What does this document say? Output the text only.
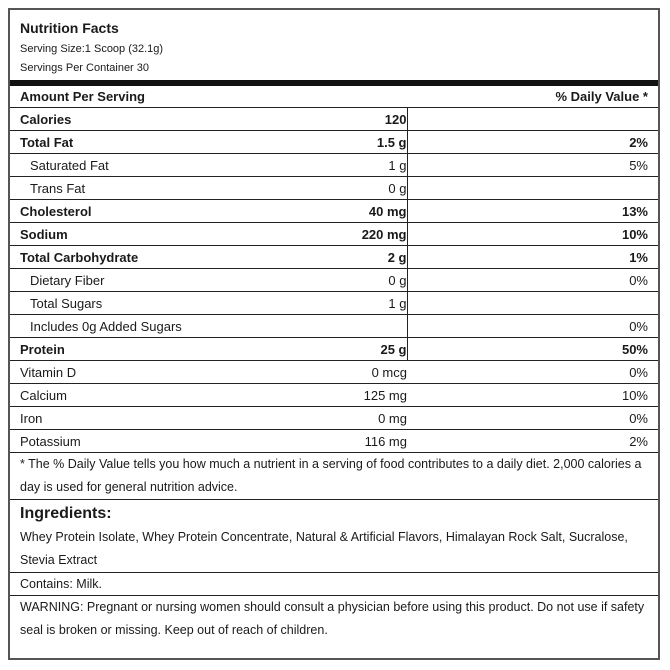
Nutrition Facts
Serving Size:1 Scoop (32.1g)
Servings Per Container 30
Amount Per Serving		% Daily Value *
Calories	120	
Total Fat	1.5 g	2%
Saturated Fat	1 g	5%
Trans Fat	0 g	
Cholesterol	40 mg	13%
Sodium	220 mg	10%
Total Carbohydrate	2 g	1%
Dietary Fiber	0 g	0%
Total Sugars	1 g	
Includes 0g Added Sugars		0%
Protein	25 g	50%
Vitamin D	0 mcg	0%
Calcium	125 mg	10%
Iron	0 mg	0%
Potassium	116 mg	2%
* The % Daily Value tells you how much a nutrient in a serving of food contributes to a daily diet. 2,000 calories a day is used for general nutrition advice.
Ingredients:
Whey Protein Isolate, Whey Protein Concentrate, Natural & Artificial Flavors, Himalayan Rock Salt, Sucralose, Stevia Extract
Contains: Milk.
WARNING: Pregnant or nursing women should consult a physician before using this product. Do not use if safety seal is broken or missing. Keep out of reach of children.
